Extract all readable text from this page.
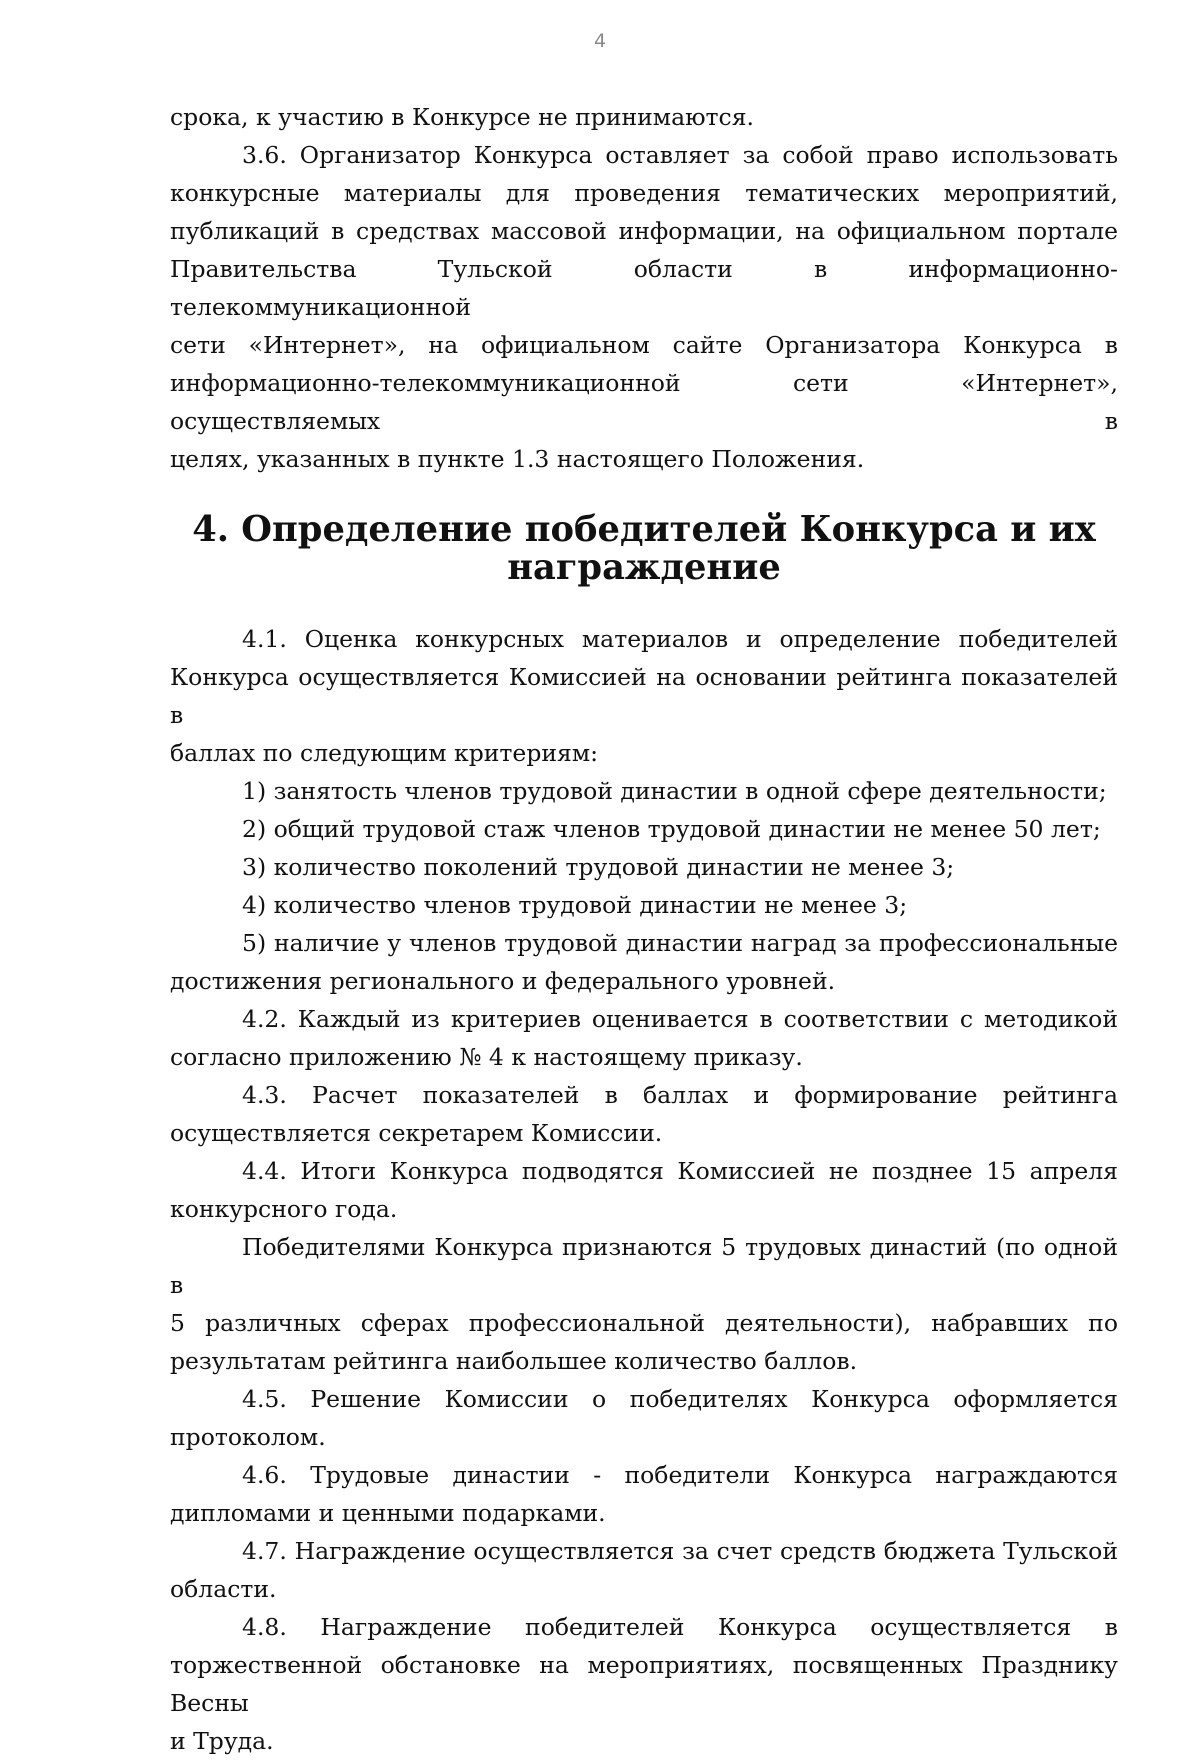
4

срока, к участию в Конкурсе не принимаются.

3.6. Организатор Конкурса оставляет за собой право использовать
конкурсные материалы для проведения тематических мероприятий,
публикаций в средствах массовой информации, на официальном портале
Правительства Тульской области в информационно-телекоммуникационной
сети «Интернет», на официальном сайте Организатора Конкурса в
информационно-телекоммуникационной сети «Интернет», осуществляемых в
целях, указанных в пункте 1.3 настоящего Положения.

4. Определение победителей Конкурса и их награждение

4.1. Оценка конкурсных материалов и определение победителей
Конкурса осуществляется Комиссией на основании рейтинга показателей в
баллах по следующим критериям:

1) занятость членов трудовой династии в одной сфере деятельности;

2) общий трудовой стаж членов трудовой династии не менее 50 лет;

3) количество поколений трудовой династии не менее 3;

4) количество членов трудовой династии не менее 3;

5) наличие у членов трудовой династии наград за профессиональные
достижения регионального и федерального уровней.

4.2. Каждый из критериев оценивается в соответствии с методикой
согласно приложению № 4 к настоящему приказу.

4.3. Расчет показателей в баллах и формирование рейтинга
осуществляется секретарем Комиссии.

4.4. Итоги Конкурса подводятся Комиссией не позднее 15 апреля
конкурсного года.

Победителями Конкурса признаются 5 трудовых династий (по одной в
5 различных сферах профессиональной деятельности), набравших по
результатам рейтинга наибольшее количество баллов.

4.5. Решение Комиссии о победителях Конкурса оформляется
протоколом.

4.6. Трудовые династии - победители Конкурса награждаются
дипломами и ценными подарками.

4.7. Награждение осуществляется за счет средств бюджета Тульской
области.

4.8. Награждение победителей Конкурса осуществляется в
торжественной обстановке на мероприятиях, посвященных Празднику Весны
и Труда.
